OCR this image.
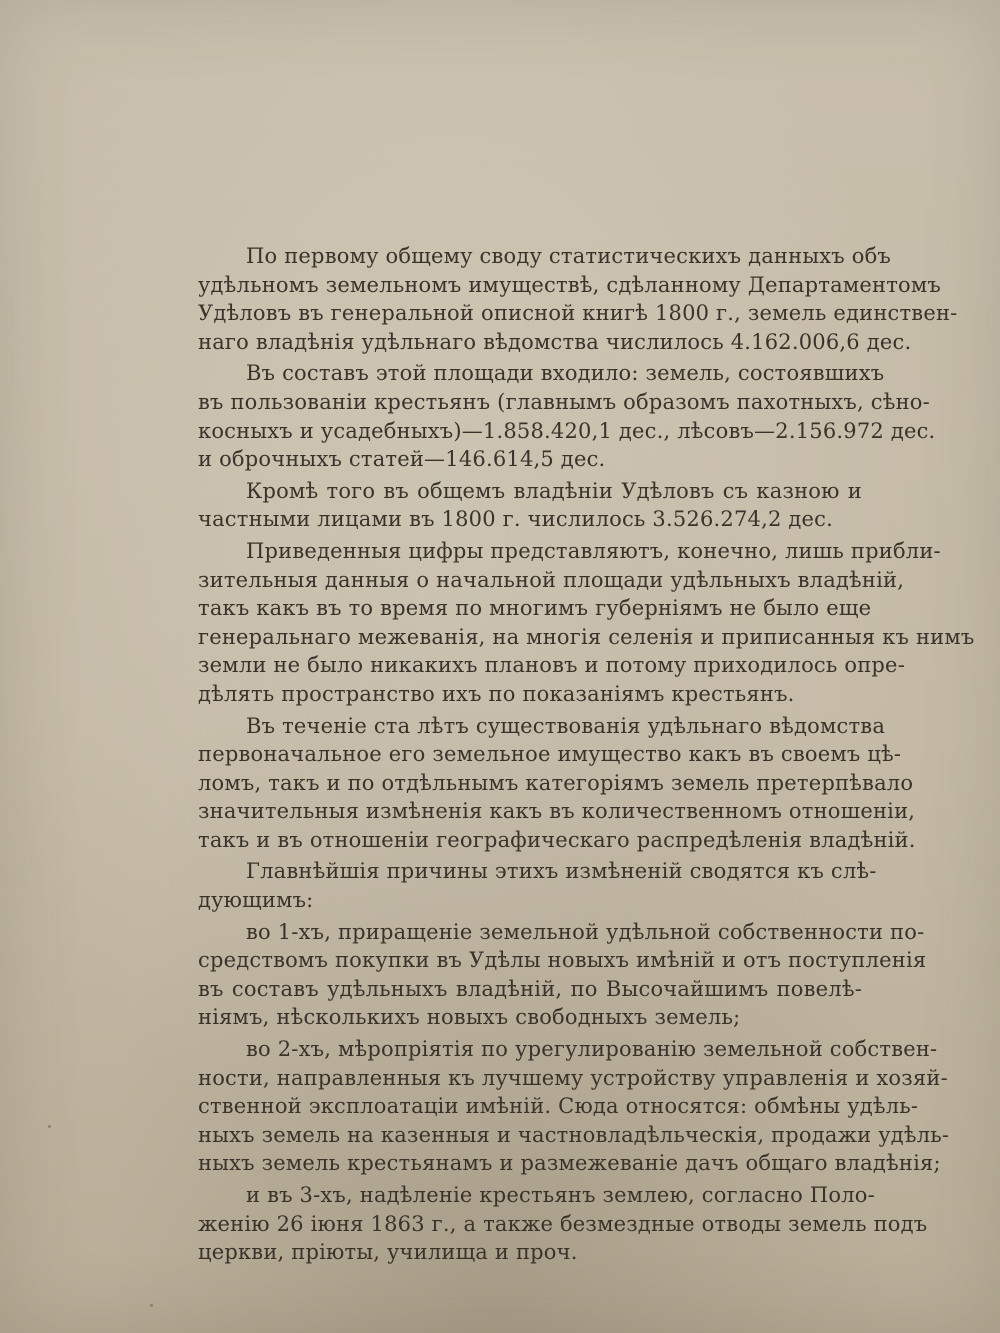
По первому общему своду статистическихъ данныхъ объ
удѣльномъ земельномъ имуществѣ, сдѣланному Департаментомъ
Удѣловъ въ генеральной описной книгѣ 1800 г., земель единствен-
наго владѣнія удѣльнаго вѣдомства числилось 4.162.006,6 дес.
Въ составъ этой площади входило: земель, состоявшихъ
въ пользованіи крестьянъ (главнымъ образомъ пахотныхъ, сѣно-
косныхъ и усадебныхъ)—1.858.420,1 дес., лѣсовъ—2.156.972 дес.
и оброчныхъ статей—146.614,5 дес.
Кромѣ того въ общемъ владѣніи Удѣловъ съ казною и
частными лицами въ 1800 г. числилось 3.526.274,2 дес.
Приведенныя цифры представляютъ, конечно, лишь прибли-
зительныя данныя о начальной площади удѣльныхъ владѣній,
такъ какъ въ то время по многимъ губерніямъ не было еще
генеральнаго межеванія, на многія селенія и приписанныя къ нимъ
земли не было никакихъ плановъ и потому приходилось опре-
дѣлять пространство ихъ по показаніямъ крестьянъ.
Въ теченіе ста лѣтъ существованія удѣльнаго вѣдомства
первоначальное его земельное имущество какъ въ своемъ цѣ-
ломъ, такъ и по отдѣльнымъ категоріямъ земель претерпѣвало
значительныя измѣненія какъ въ количественномъ отношеніи,
такъ и въ отношеніи географическаго распредѣленія владѣній.
Главнѣйшія причины этихъ измѣненій сводятся къ слѣ-
дующимъ:
во 1-хъ, приращеніе земельной удѣльной собственности по-
средствомъ покупки въ Удѣлы новыхъ имѣній и отъ поступленія
въ составъ удѣльныхъ владѣній, по Высочайшимъ повелѣ-
ніямъ, нѣсколькихъ новыхъ свободныхъ земель;
во 2-хъ, мѣропріятія по урегулированію земельной собствен-
ности, направленныя къ лучшему устройству управленія и хозяй-
ственной эксплоатаціи имѣній. Сюда относятся: обмѣны удѣль-
ныхъ земель на казенныя и частновладѣльческія, продажи удѣль-
ныхъ земель крестьянамъ и размежеваніе дачъ общаго владѣнія;
и въ 3-хъ, надѣленіе крестьянъ землею, согласно Поло-
женію 26 іюня 1863 г., а также безмездные отводы земель подъ
церкви, пріюты, училища и проч.
